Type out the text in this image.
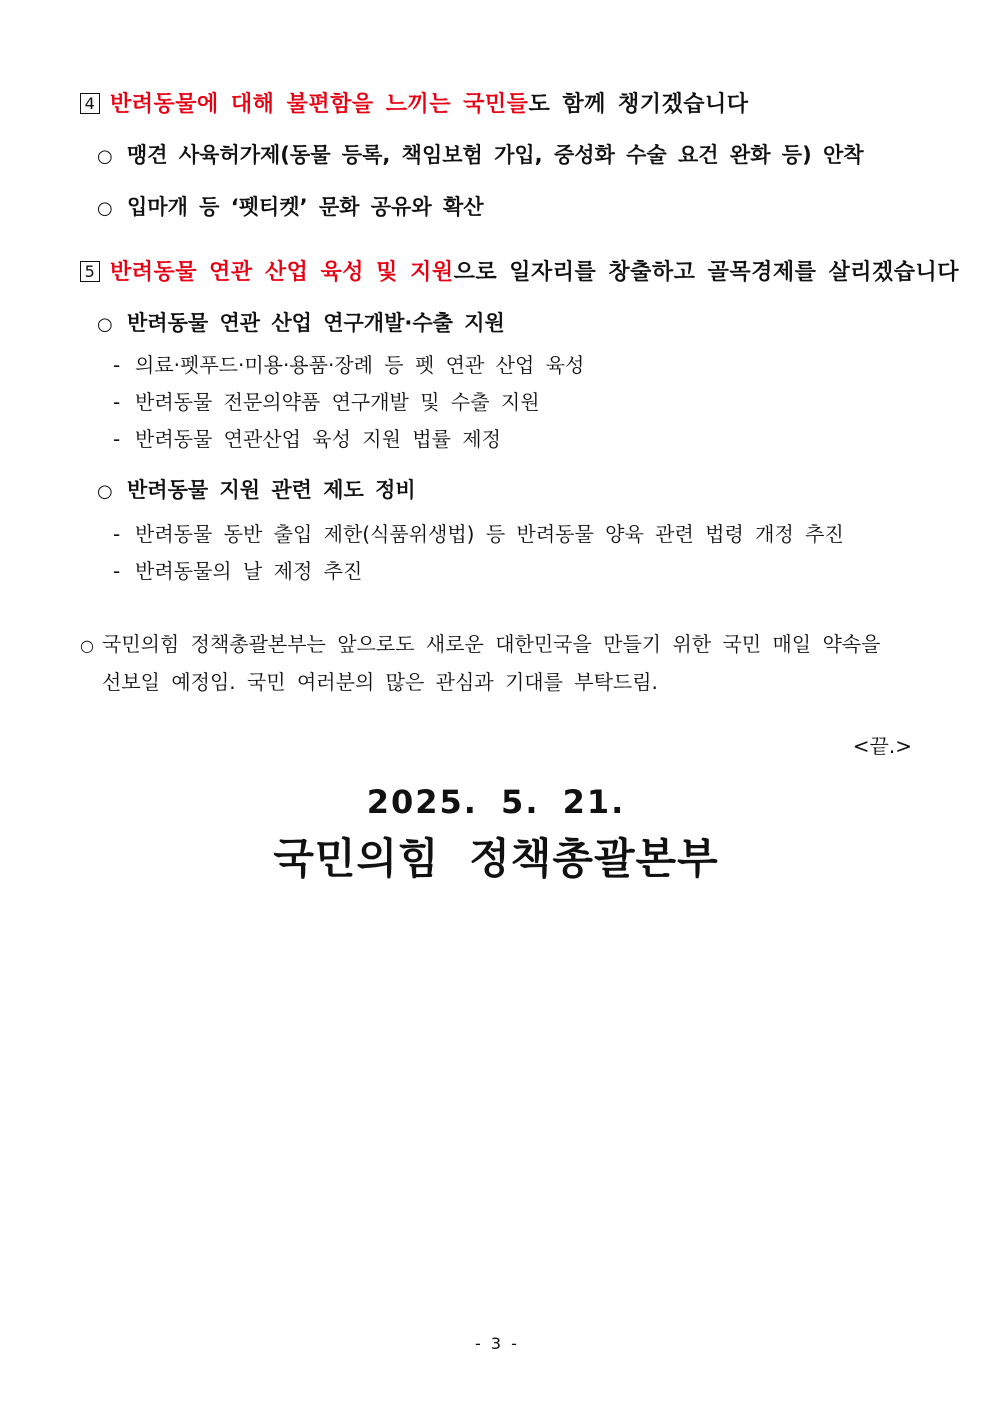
4 반려동물에 대해 불편함을 느끼는 국민들도 함께 챙기겠습니다
○ 맹견 사육허가제(동물 등록, 책임보험 가입, 중성화 수술 요건 완화 등) 안착
○ 입마개 등 ‘펫티켓’ 문화 공유와 확산
5 반려동물 연관 산업 육성 및 지원으로 일자리를 창출하고 골목경제를 살리겠습니다
○ 반려동물 연관 산업 연구개발·수출 지원
- 의료·펫푸드·미용·용품·장례 등 펫 연관 산업 육성
- 반려동물 전문의약품 연구개발 및 수출 지원
- 반려동물 연관산업 육성 지원 법률 제정
○ 반려동물 지원 관련 제도 정비
- 반려동물 동반 출입 제한(식품위생법) 등 반려동물 양육 관련 법령 개정 추진
- 반려동물의 날 제정 추진
○ 국민의힘 정책총괄본부는 앞으로도 새로운 대한민국을 만들기 위한 국민 매일 약속을
선보일 예정임. 국민 여러분의 많은 관심과 기대를 부탁드림.
<끝.>
2025. 5. 21.
국민의힘 정책총괄본부
- 3 -
